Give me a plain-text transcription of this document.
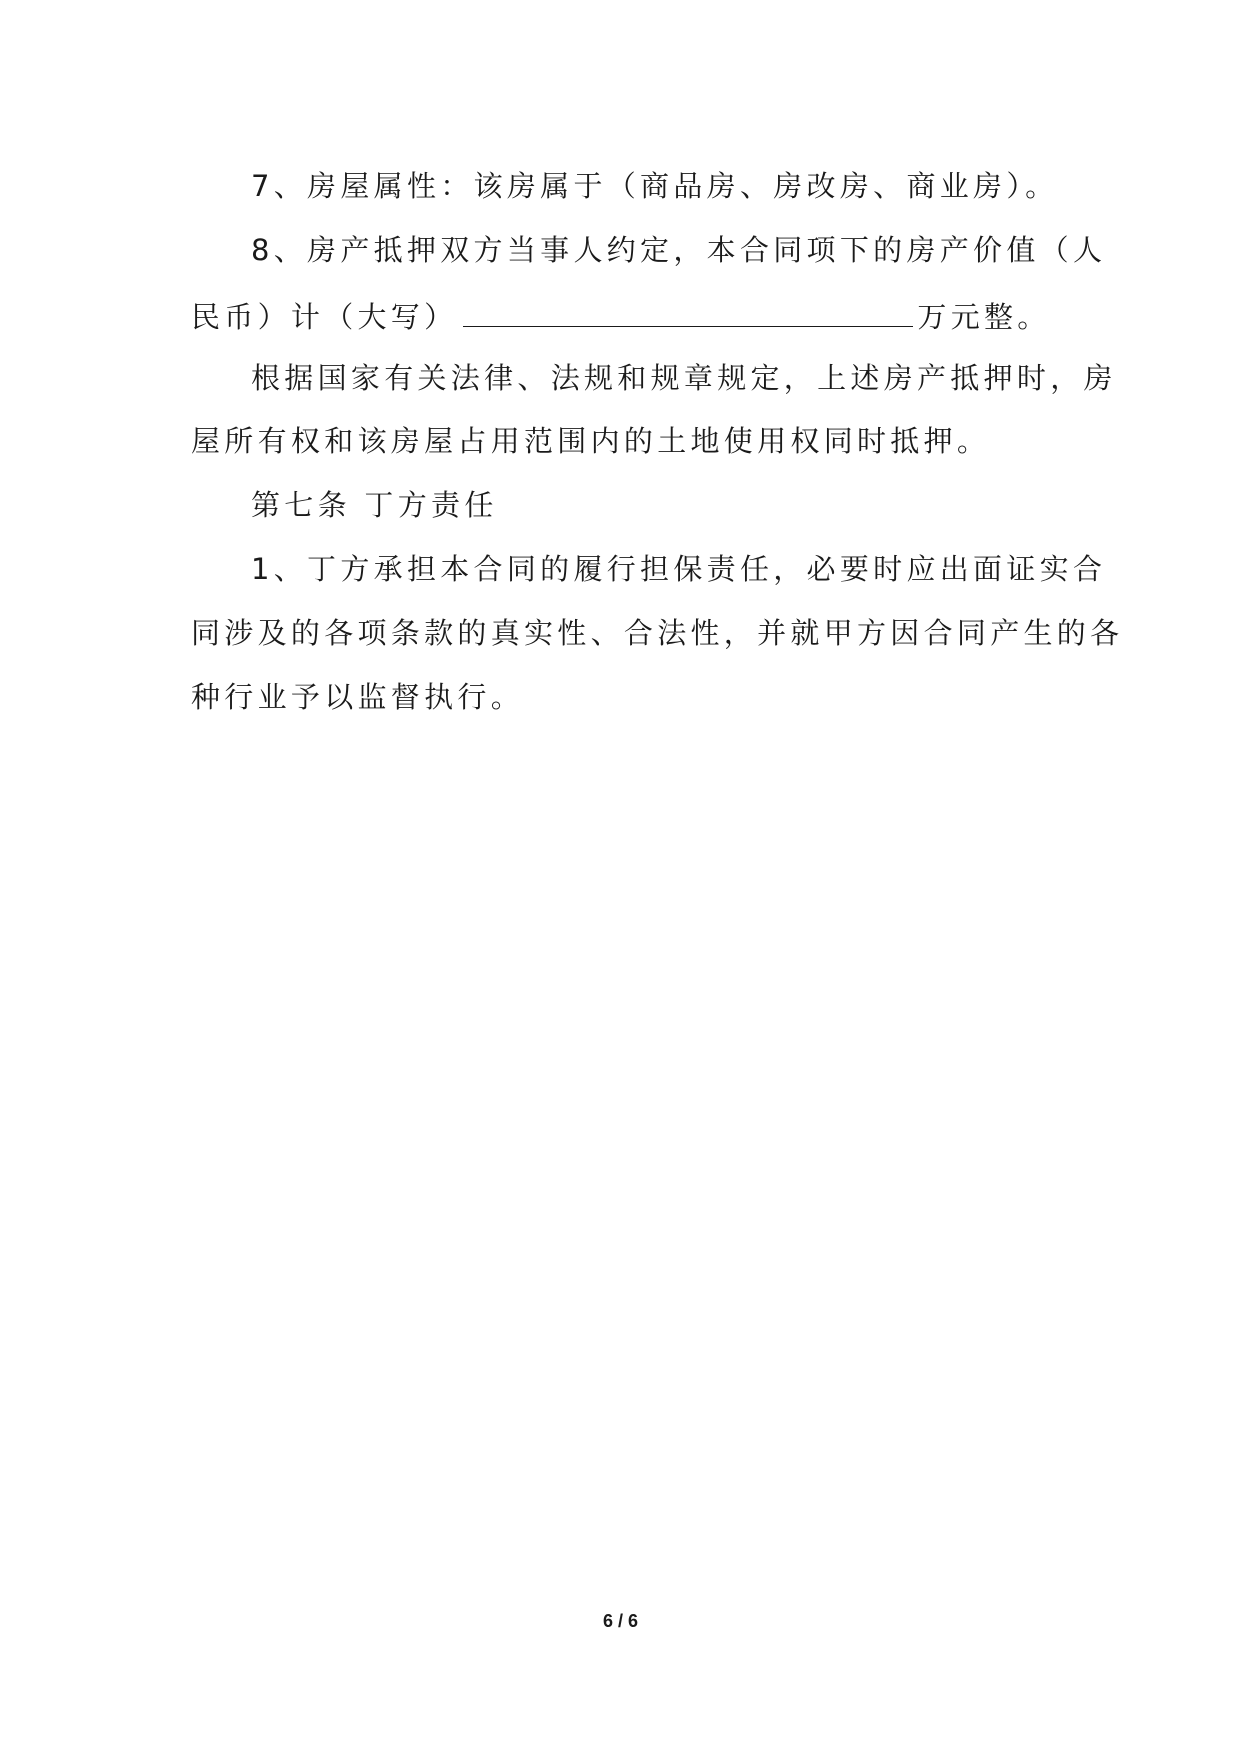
7、房屋属性：该房属于（商品房、房改房、商业房）。
8、房产抵押双方当事人约定，本合同项下的房产价值（人
民币）计（大写）	万元整。
根据国家有关法律、法规和规章规定，上述房产抵押时，房
屋所有权和该房屋占用范围内的土地使用权同时抵押。
第七条 丁方责任
1、丁方承担本合同的履行担保责任，必要时应出面证实合
同涉及的各项条款的真实性、合法性，并就甲方因合同产生的各
种行业予以监督执行。
6 / 6
